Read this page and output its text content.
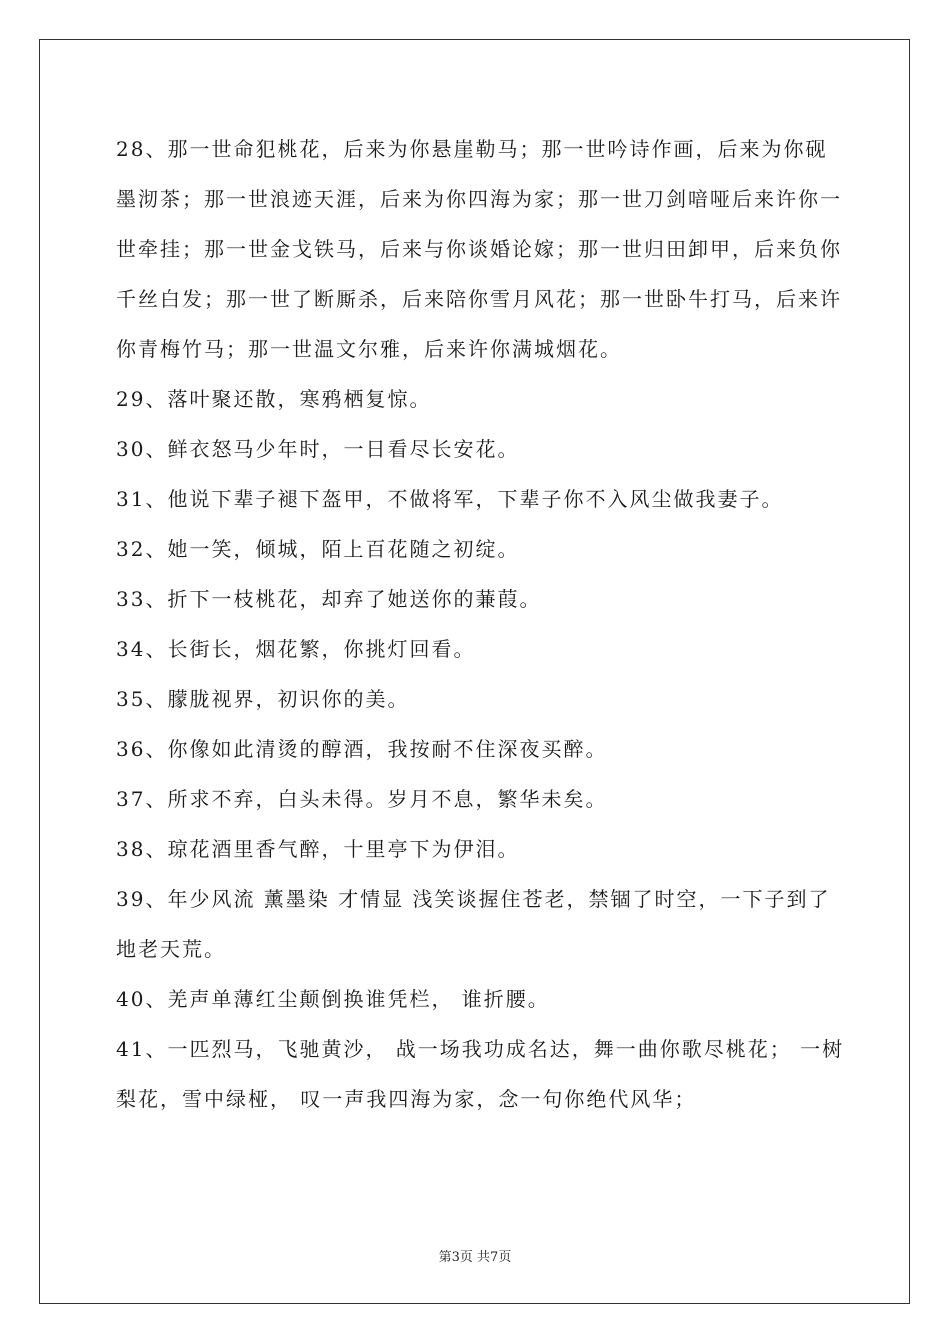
28、那一世命犯桃花，后来为你悬崖勒马；那一世吟诗作画，后来为你砚墨沏茶；那一世浪迹天涯，后来为你四海为家；那一世刀剑喑哑后来许你一世牵挂；那一世金戈铁马，后来与你谈婚论嫁；那一世归田卸甲，后来负你千丝白发；那一世了断厮杀，后来陪你雪月风花；那一世卧牛打马，后来许你青梅竹马；那一世温文尔雅，后来许你满城烟花。

29、落叶聚还散，寒鸦栖复惊。

30、鲜衣怒马少年时，一日看尽长安花。

31、他说下辈子褪下盔甲，不做将军，下辈子你不入风尘做我妻子。

32、她一笑，倾城，陌上百花随之初绽。

33、折下一枝桃花，却弃了她送你的蒹葭。

34、长街长，烟花繁，你挑灯回看。

35、朦胧视界，初识你的美。

36、你像如此清烫的醇酒，我按耐不住深夜买醉。

37、所求不弃，白头未得。岁月不息，繁华未矣。

38、琼花酒里香气醉，十里亭下为伊泪。

39、年少风流 薰墨染 才情显 浅笑谈握住苍老，禁锢了时空，一下子到了地老天荒。

40、羌声单薄红尘颠倒换谁凭栏， 谁折腰。

41、一匹烈马，飞驰黄沙， 战一场我功成名达，舞一曲你歌尽桃花； 一树梨花，雪中绿桠， 叹一声我四海为家，念一句你绝代风华；

第3页 共7页
